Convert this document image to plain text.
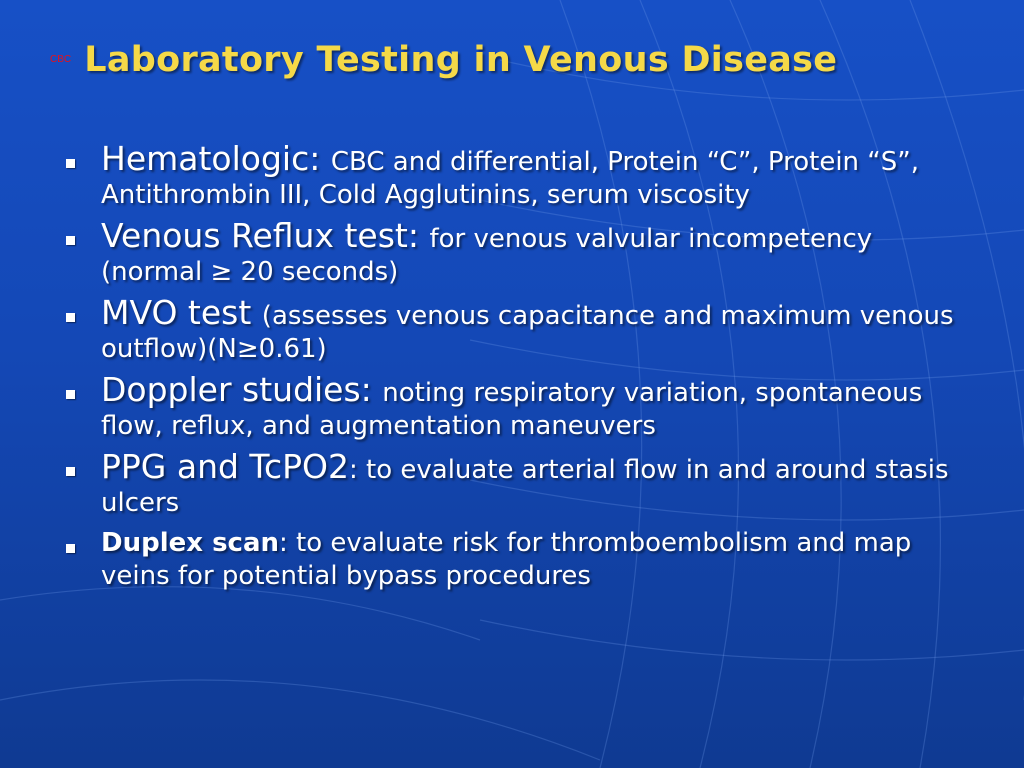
CBC Laboratory Testing in Venous Disease
Hematologic: CBC and differential, Protein “C”, Protein “S”, Antithrombin III, Cold Agglutinins, serum viscosity
Venous Reflux test: for venous valvular incompetency (normal ≥ 20 seconds)
MVO test (assesses venous capacitance and maximum venous outflow)(N≥0.61)
Doppler studies: noting respiratory variation, spontaneous flow, reflux, and augmentation maneuvers
PPG and TcPO2: to evaluate arterial flow in and around stasis ulcers
Duplex scan: to evaluate risk for thromboembolism and map veins for potential bypass procedures
